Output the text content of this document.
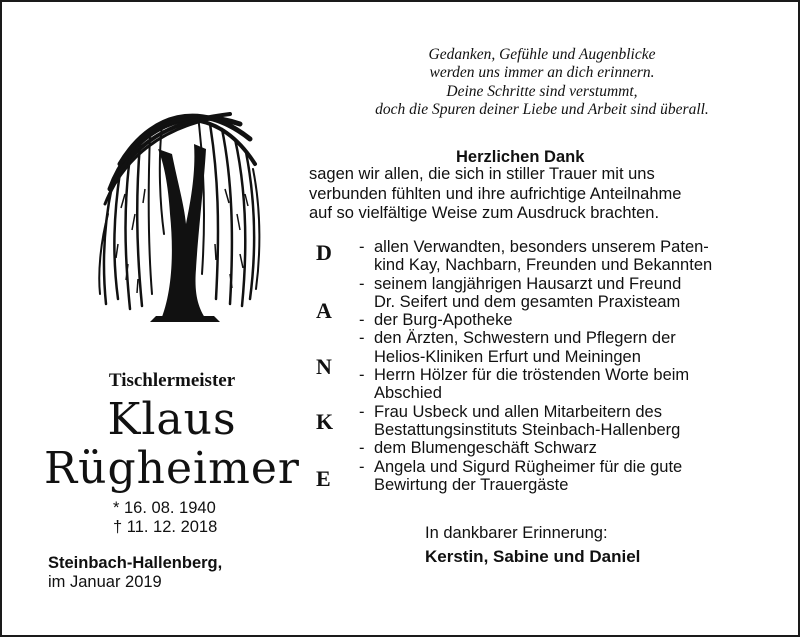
Gedanken, Gefühle und Augenblicke
werden uns immer an dich erinnern.
Deine Schritte sind verstummt,
doch die Spuren deiner Liebe und Arbeit sind überall.
Herzlichen Dank
sagen wir allen, die sich in stiller Trauer mit uns
verbunden fühlten und ihre aufrichtige Anteilnahme
auf so vielfältige Weise zum Ausdruck brachten.
D
A
N
K
E
- allen Verwandten, besonders unserem Paten-
kind Kay, Nachbarn, Freunden und Bekannten
- seinem langjährigen Hausarzt und Freund
Dr. Seifert und dem gesamten Praxisteam
- der Burg-Apotheke
- den Ärzten, Schwestern und Pflegern der
Helios-Kliniken Erfurt und Meiningen
- Herrn Hölzer für die tröstenden Worte beim
Abschied
- Frau Usbeck und allen Mitarbeitern des
Bestattungsinstituts Steinbach-Hallenberg
- dem Blumengeschäft Schwarz
- Angela und Sigurd Rügheimer für die gute
Bewirtung der Trauergäste
Tischlermeister
Klaus
Rügheimer
* 16. 08. 1940
† 11. 12. 2018
Steinbach-Hallenberg,
im Januar 2019
In dankbarer Erinnerung:
Kerstin, Sabine und Daniel
